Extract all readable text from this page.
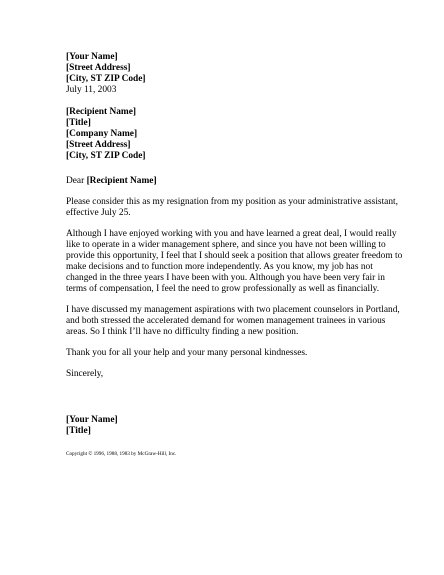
[Your Name]
[Street Address]
[City, ST ZIP Code]
July 11, 2003
[Recipient Name]
[Title]
[Company Name]
[Street Address]
[City, ST ZIP Code]
Dear [Recipient Name]
Please consider this as my resignation from my position as your administrative assistant,
effective July 25.
Although I have enjoyed working with you and have learned a great deal, I would really
like to operate in a wider management sphere, and since you have not been willing to
provide this opportunity, I feel that I should seek a position that allows greater freedom to
make decisions and to function more independently. As you know, my job has not
changed in the three years I have been with you. Although you have been very fair in
terms of compensation, I feel the need to grow professionally as well as financially.
I have discussed my management aspirations with two placement counselors in Portland,
and both stressed the accelerated demand for women management trainees in various
areas. So I think I’ll have no difficulty finding a new position.
Thank you for all your help and your many personal kindnesses.
Sincerely,
[Your Name]
[Title]
Copyright © 1996, 1988, 1983 by McGraw-Hill, Inc.
